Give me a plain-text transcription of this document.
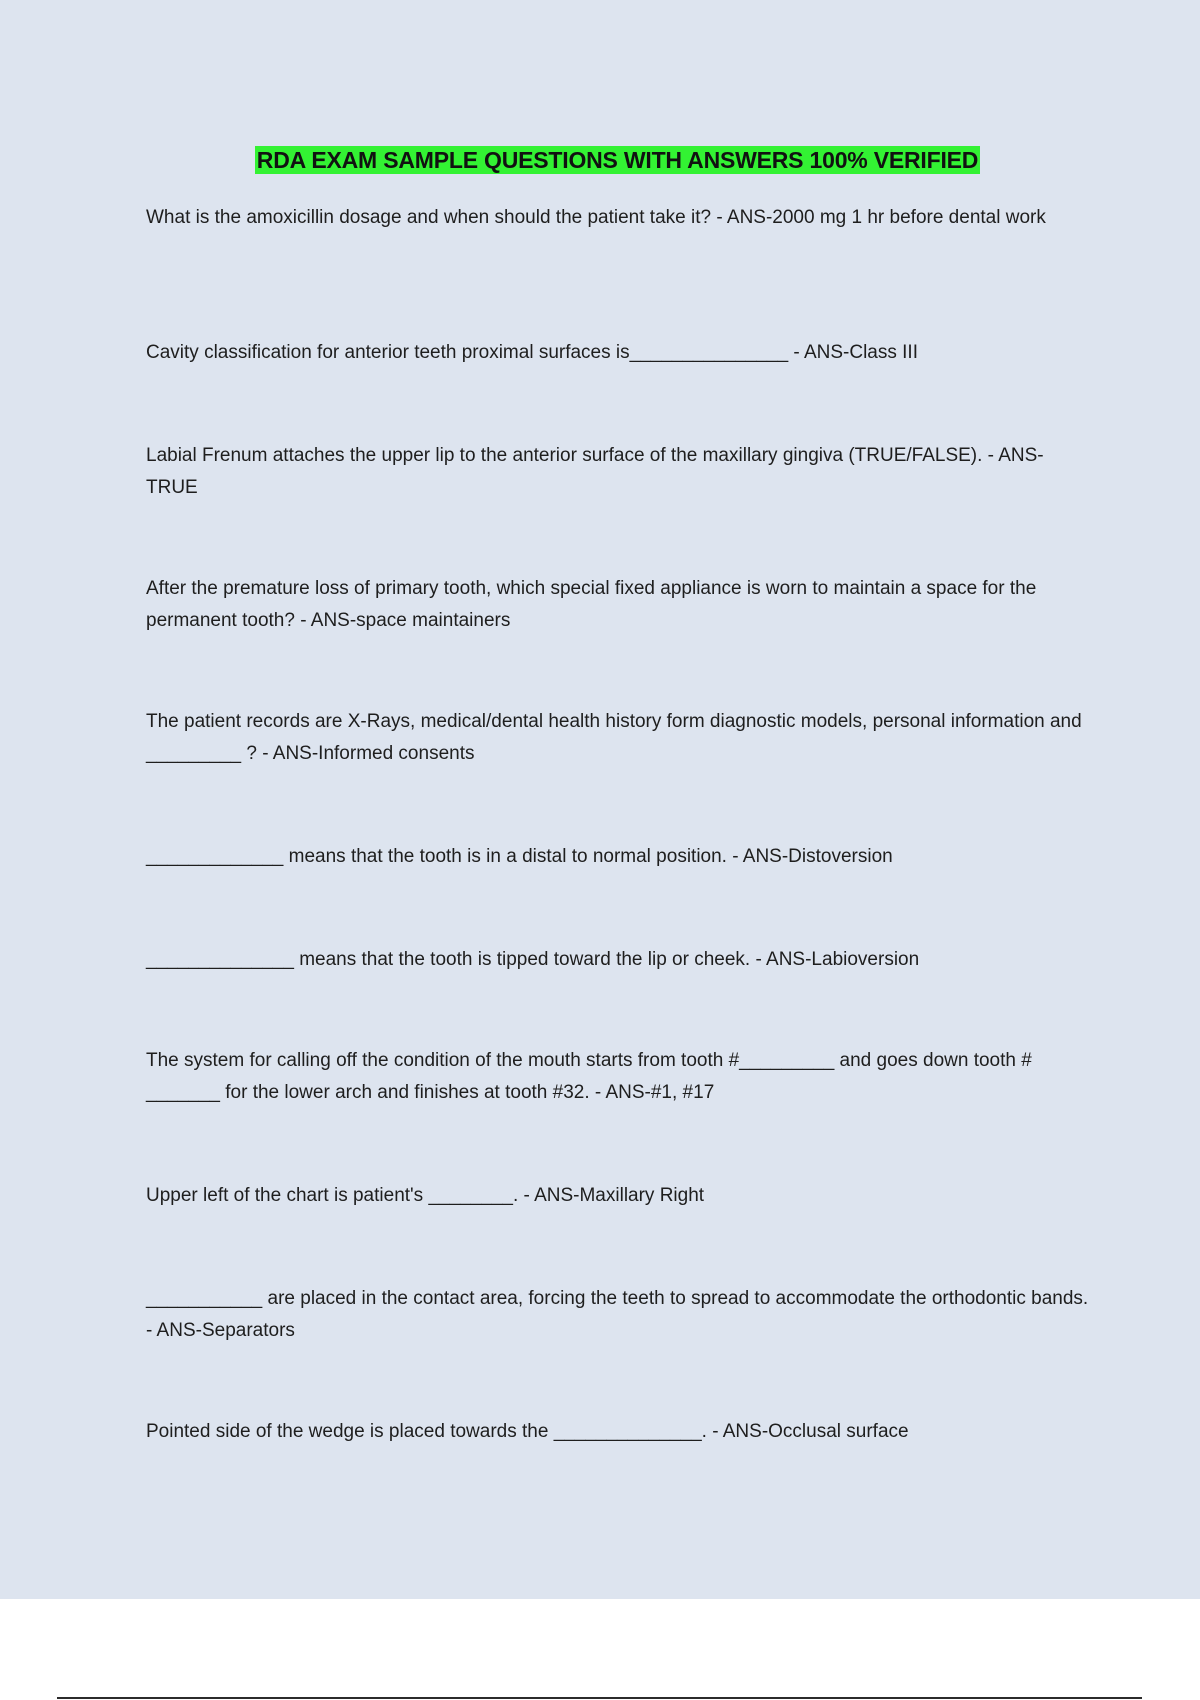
RDA EXAM SAMPLE QUESTIONS WITH ANSWERS 100% VERIFIED

What is the amoxicillin dosage and when should the patient take it? - ANS-2000 mg 1 hr before dental work

Cavity classification for anterior teeth proximal surfaces is_______________ - ANS-Class III

Labial Frenum attaches the upper lip to the anterior surface of the maxillary gingiva (TRUE/FALSE). - ANS-TRUE

After the premature loss of primary tooth, which special fixed appliance is worn to maintain a space for the permanent tooth? - ANS-space maintainers

The patient records are X-Rays, medical/dental health history form diagnostic models, personal information and _________ ? - ANS-Informed consents

_____________ means that the tooth is in a distal to normal position. - ANS-Distoversion

______________ means that the tooth is tipped toward the lip or cheek. - ANS-Labioversion

The system for calling off the condition of the mouth starts from tooth #_________ and goes down tooth # _______ for the lower arch and finishes at tooth #32. - ANS-#1, #17

Upper left of the chart is patient's ________. - ANS-Maxillary Right

___________ are placed in the contact area, forcing the teeth to spread to accommodate the orthodontic bands. - ANS-Separators

Pointed side of the wedge is placed towards the ______________. - ANS-Occlusal surface
